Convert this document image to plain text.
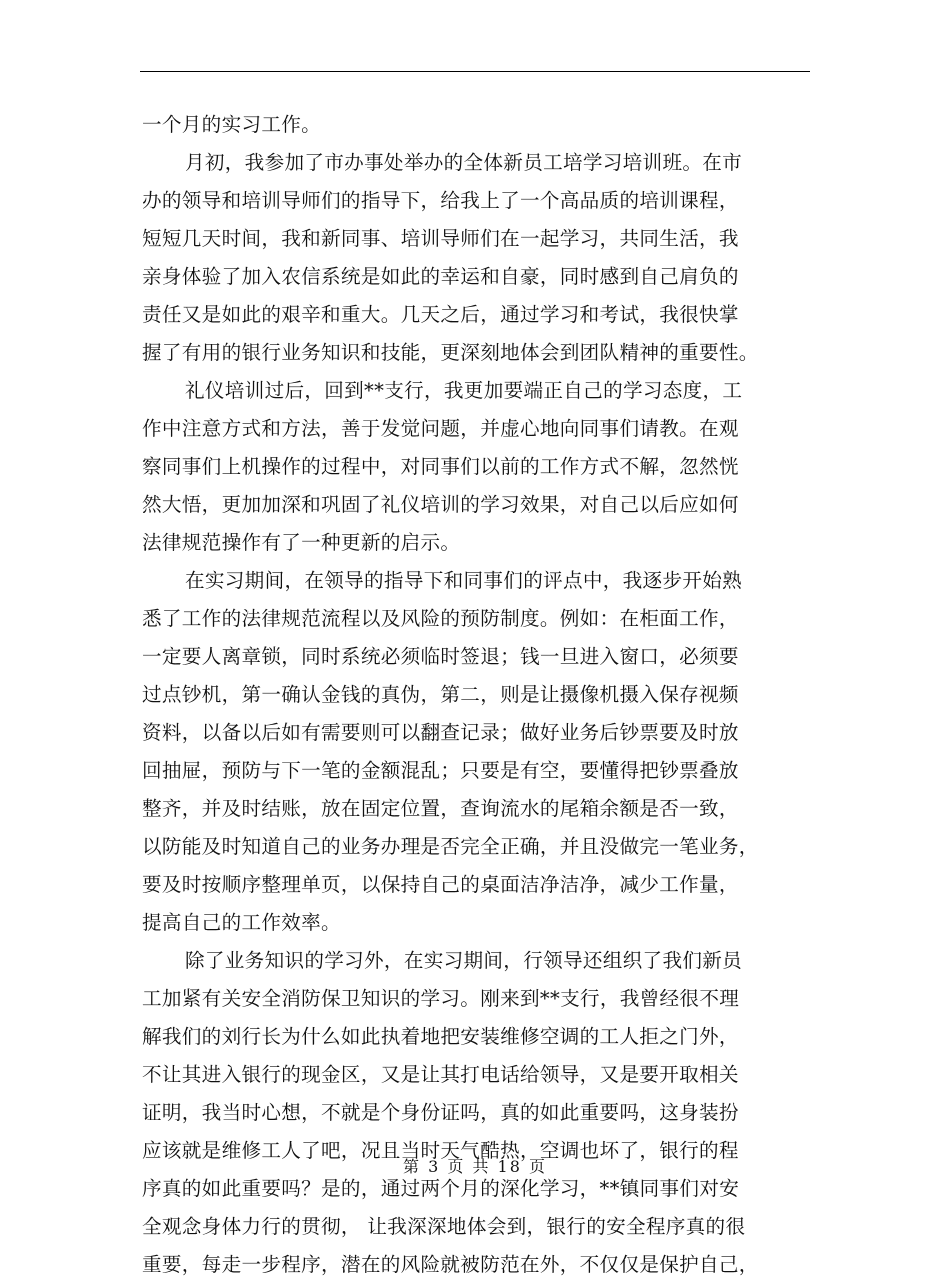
一个月的实习工作。
月初，我参加了市办事处举办的全体新员工培学习培训班。在市
办的领导和培训导师们的指导下，给我上了一个高品质的培训课程，
短短几天时间，我和新同事、培训导师们在一起学习，共同生活，我
亲身体验了加入农信系统是如此的幸运和自豪，同时感到自己肩负的
责任又是如此的艰辛和重大。几天之后，通过学习和考试，我很快掌
握了有用的银行业务知识和技能，更深刻地体会到团队精神的重要性。
礼仪培训过后，回到**支行，我更加要端正自己的学习态度，工
作中注意方式和方法，善于发觉问题，并虚心地向同事们请教。在观
察同事们上机操作的过程中，对同事们以前的工作方式不解，忽然恍
然大悟，更加加深和巩固了礼仪培训的学习效果，对自己以后应如何
法律规范操作有了一种更新的启示。
在实习期间，在领导的指导下和同事们的评点中，我逐步开始熟
悉了工作的法律规范流程以及风险的预防制度。例如：在柜面工作，
一定要人离章锁，同时系统必须临时签退；钱一旦进入窗口，必须要
过点钞机，第一确认金钱的真伪，第二，则是让摄像机摄入保存视频
资料，以备以后如有需要则可以翻查记录；做好业务后钞票要及时放
回抽屉，预防与下一笔的金额混乱；只要是有空，要懂得把钞票叠放
整齐，并及时结账，放在固定位置，查询流水的尾箱余额是否一致，
以防能及时知道自己的业务办理是否完全正确，并且没做完一笔业务，
要及时按顺序整理单页，以保持自己的桌面洁净洁净，减少工作量，
提高自己的工作效率。
除了业务知识的学习外，在实习期间，行领导还组织了我们新员
工加紧有关安全消防保卫知识的学习。刚来到**支行，我曾经很不理
解我们的刘行长为什么如此执着地把安装维修空调的工人拒之门外，
不让其进入银行的现金区，又是让其打电话给领导，又是要开取相关
证明，我当时心想，不就是个身份证吗，真的如此重要吗，这身装扮
应该就是维修工人了吧，况且当时天气酷热，空调也坏了，银行的程
序真的如此重要吗？是的，通过两个月的深化学习，**镇同事们对安
全观念身体力行的贯彻， 让我深深地体会到，银行的安全程序真的很
重要，每走一步程序，潜在的风险就被防范在外，不仅仅是保护自己，
第 3 页 共 18 页
